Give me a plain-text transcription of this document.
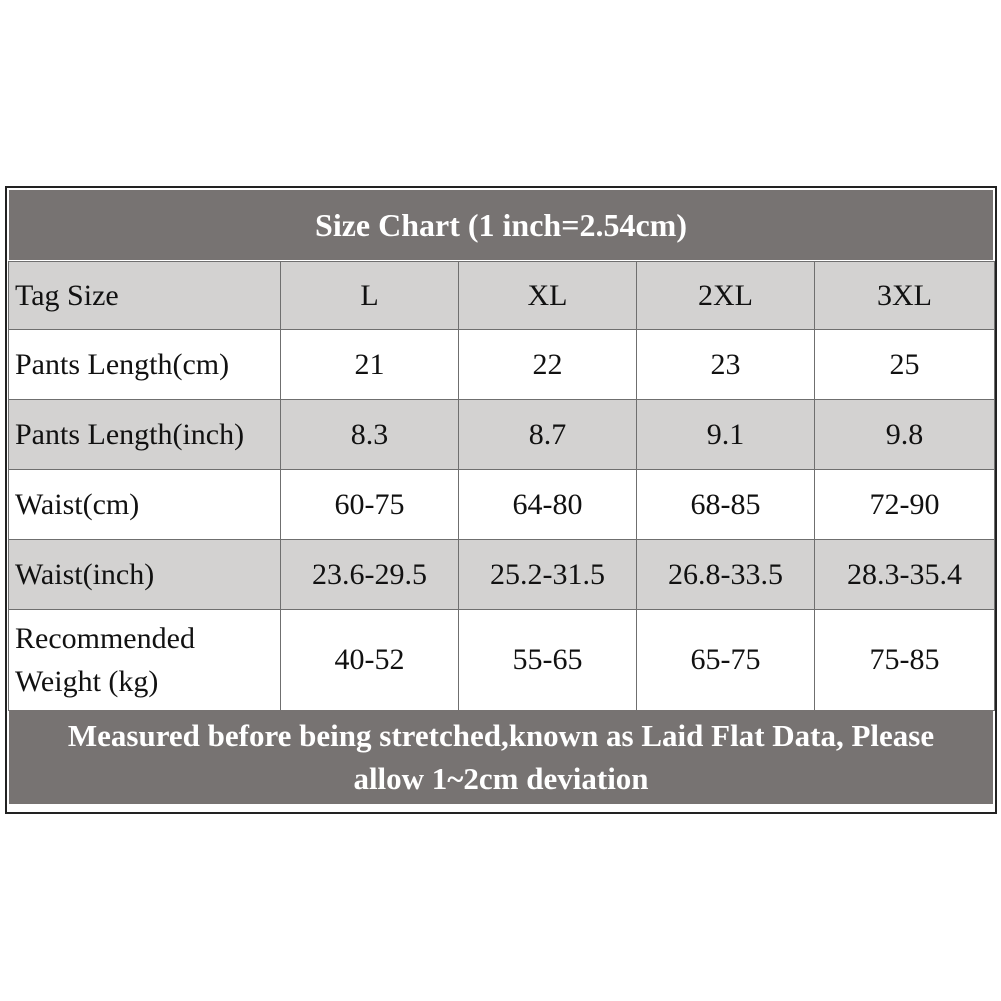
Size Chart (1 inch=2.54cm)
Tag Size	L	XL	2XL	3XL
Pants Length(cm)	21	22	23	25
Pants Length(inch)	8.3	8.7	9.1	9.8
Waist(cm)	60-75	64-80	68-85	72-90
Waist(inch)	23.6-29.5	25.2-31.5	26.8-33.5	28.3-35.4
Recommended
Weight (kg)	40-52	55-65	65-75	75-85
Measured before being stretched,known as Laid Flat Data, Please
allow 1~2cm deviation
